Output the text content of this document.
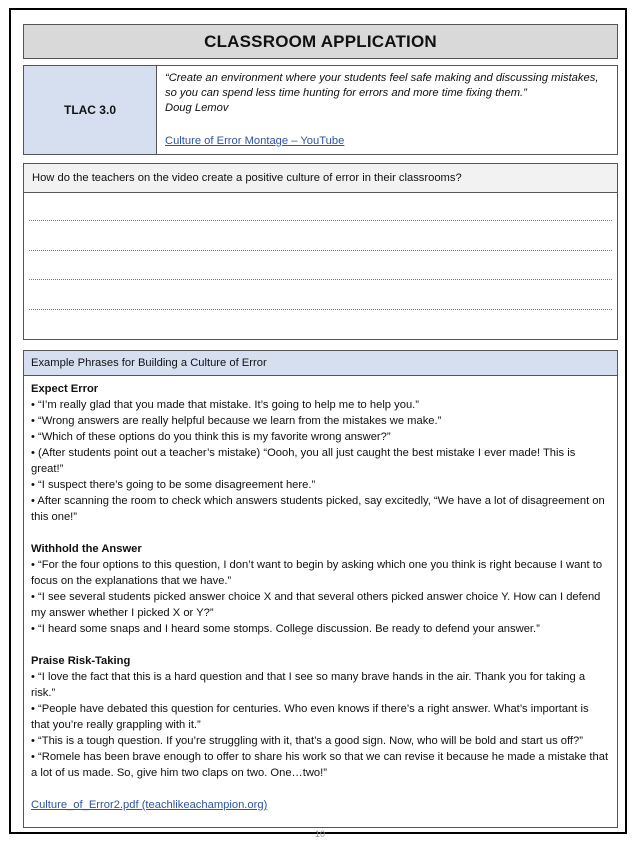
CLASSROOM APPLICATION
TLAC 3.0
“Create an environment where your students feel safe making and discussing mistakes, so you can spend less time hunting for errors and more time fixing them.”
Doug Lemov
Culture of Error Montage – YouTube
How do the teachers on the video create a positive culture of error in their classrooms?
Example Phrases for Building a Culture of Error

Expect Error

• “I’m really glad that you made that mistake. It’s going to help me to help you.”

• “Wrong answers are really helpful because we learn from the mistakes we make.”

• “Which of these options do you think this is my favorite wrong answer?”

• (After students point out a teacher’s mistake) “Oooh, you all just caught the best mistake I ever made! This is great!”

• “I suspect there’s going to be some disagreement here.”

• After scanning the room to check which answers students picked, say excitedly, “We have a lot of disagreement on this one!”

Withhold the Answer

• “For the four options to this question, I don’t want to begin by asking which one you think is right because I want to focus on the explanations that we have.”

• “I see several students picked answer choice X and that several others picked answer choice Y. How can I defend my answer whether I picked X or Y?”

• “I heard some snaps and I heard some stomps. College discussion. Be ready to defend your answer.”

Praise Risk-Taking

• “I love the fact that this is a hard question and that I see so many brave hands in the air. Thank you for taking a risk.”

• “People have debated this question for centuries. Who even knows if there’s a right answer. What’s important is that you’re really grappling with it.”

• “This is a tough question. If you’re struggling with it, that’s a good sign. Now, who will be bold and start us off?”

• “Romele has been brave enough to offer to share his work so that we can revise it because he made a mistake that a lot of us made. So, give him two claps on two. One…two!”

Culture_of_Error2.pdf (teachlikeachampion.org)
10
